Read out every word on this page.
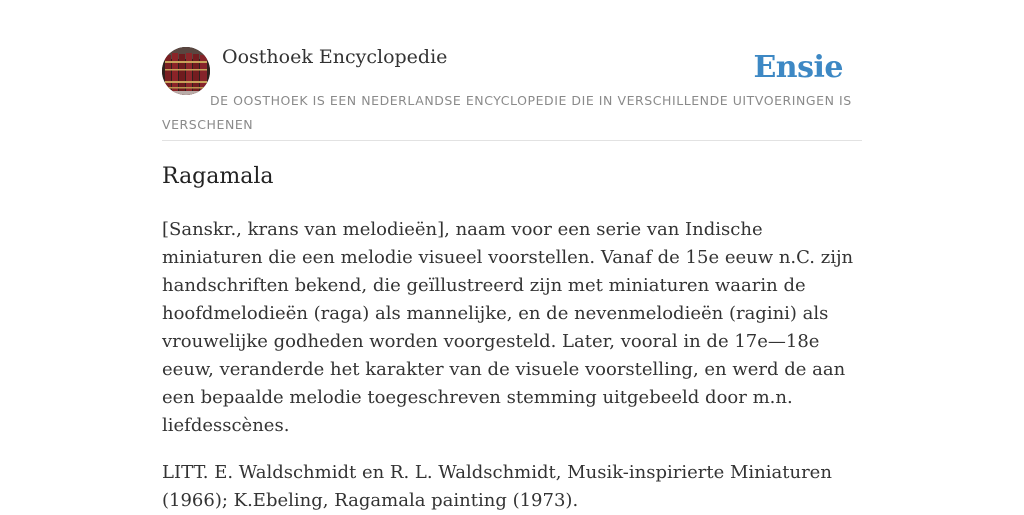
Oosthoek Encyclopedie	Ensie
DE OOSTHOEK IS EEN NEDERLANDSE ENCYCLOPEDIE DIE IN VERSCHILLENDE UITVOERINGEN IS VERSCHENEN
Ragamala

[Sanskr., krans van melodieën], naam voor een serie van Indische miniaturen die een melodie visueel voorstellen. Vanaf de 15e eeuw n.C. zijn handschriften bekend, die geïllustreerd zijn met miniaturen waarin de hoofdmelodieën (raga) als mannelijke, en de nevenmelodieën (ragini) als vrouwelijke godheden worden voorgesteld. Later, vooral in de 17e—18e eeuw, veranderde het karakter van de visuele voorstelling, en werd de aan een bepaalde melodie toegeschreven stemming uitgebeeld door m.n. liefdesscènes.

LITT. E. Waldschmidt en R. L. Waldschmidt, Musik-inspirierte Miniaturen (1966); K.Ebeling, Ragamala painting (1973).
